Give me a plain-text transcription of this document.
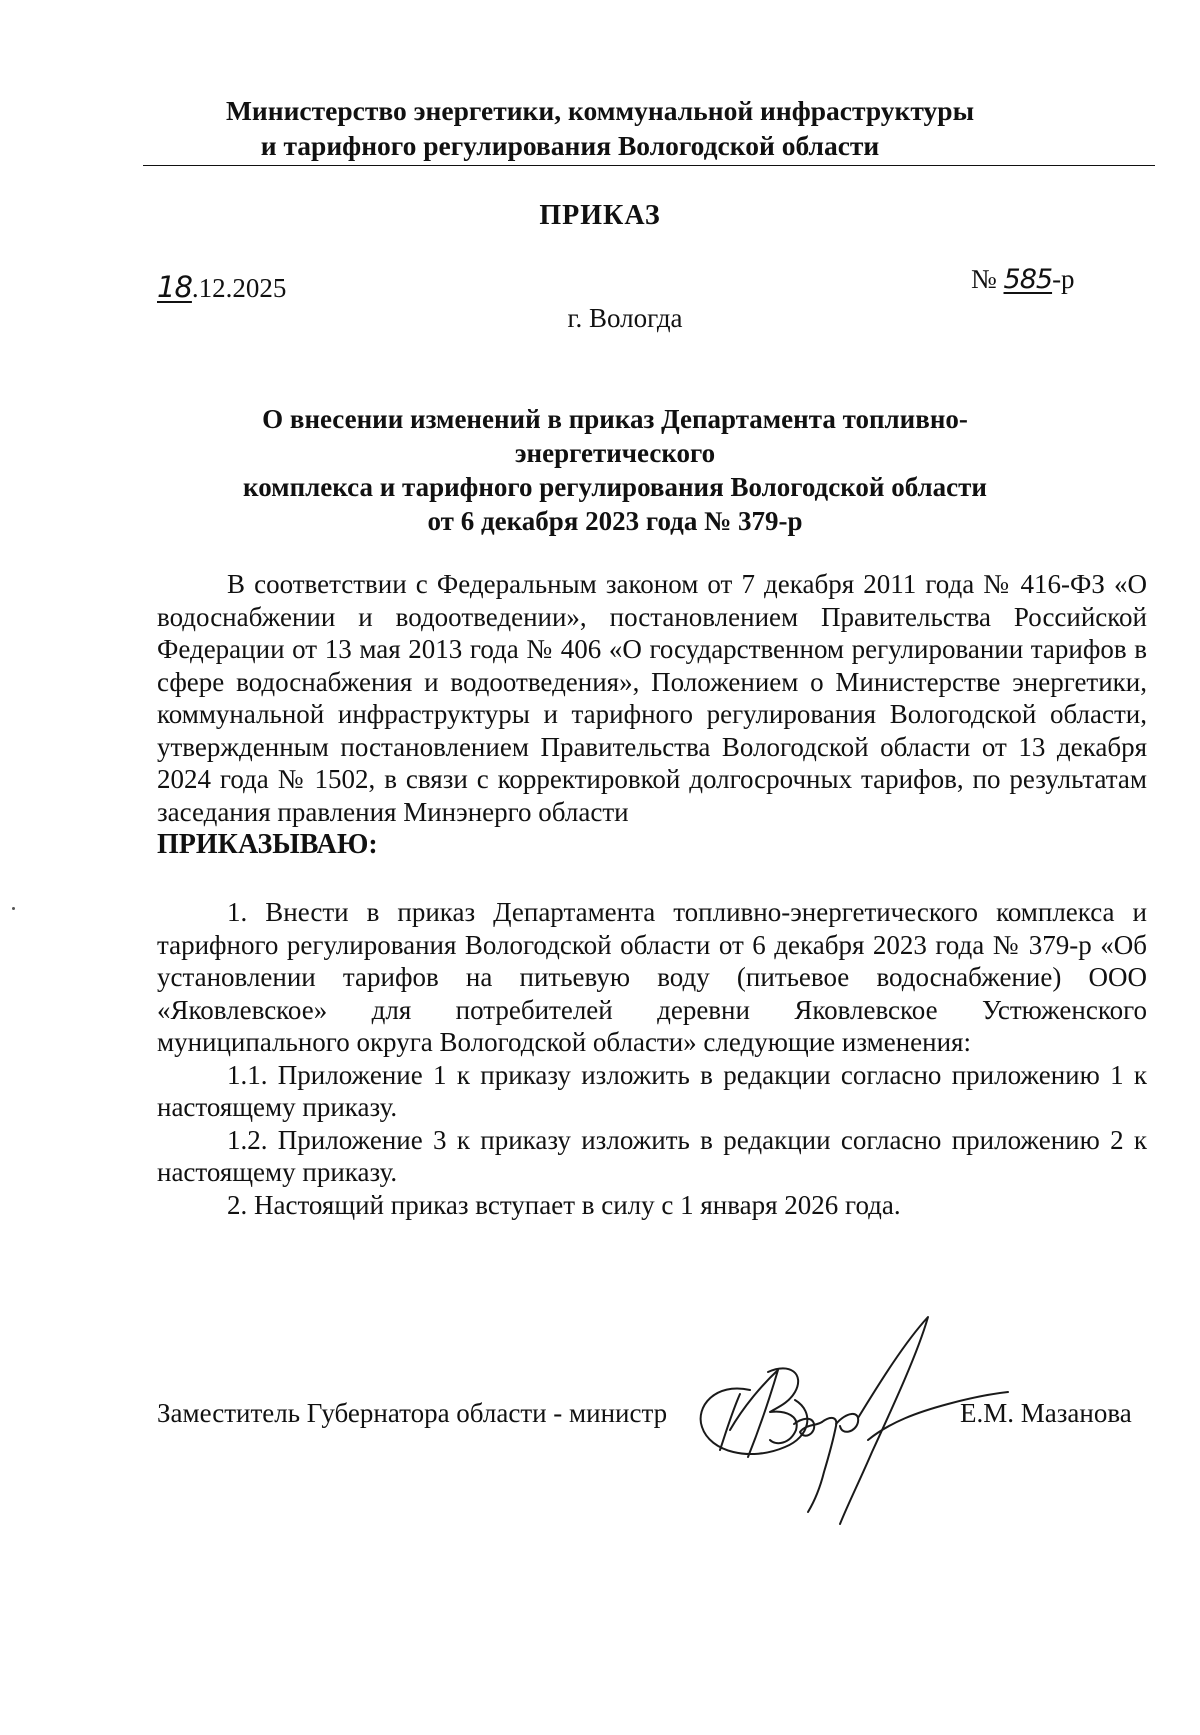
Министерство энергетики, коммунальной инфраструктуры
и тарифного регулирования Вологодской области
ПРИКАЗ
18.12.2025	№ 585-р
г. Вологда
О внесении изменений в приказ Департамента топливно-энергетического
комплекса и тарифного регулирования Вологодской области
от 6 декабря 2023 года № 379-р

В соответствии с Федеральным законом от 7 декабря 2011 года № 416-ФЗ «О водоснабжении и водоотведении», постановлением Правительства Российской Федерации от 13 мая 2013 года № 406 «О государственном регулировании тарифов в сфере водоснабжения и водоотведения», Положением о Министерстве энергетики, коммунальной инфраструктуры и тарифного регулирования Вологодской области, утвержденным постановлением Правительства Вологодской области от 13 декабря 2024 года № 1502, в связи с корректировкой долгосрочных тарифов, по результатам заседания правления Минэнерго области

ПРИКАЗЫВАЮ:

1. Внести в приказ Департамента топливно-энергетического комплекса и тарифного регулирования Вологодской области от 6 декабря 2023 года № 379-р «Об установлении тарифов на питьевую воду (питьевое водоснабжение) ООО «Яковлевское» для потребителей деревни Яковлевское Устюженского муниципального округа Вологодской области» следующие изменения:

1.1. Приложение 1 к приказу изложить в редакции согласно приложению 1 к настоящему приказу.

1.2. Приложение 3 к приказу изложить в редакции согласно приложению 2 к настоящему приказу.

2. Настоящий приказ вступает в силу с 1 января 2026 года.

Заместитель Губернатора области - министр	Е.М. Мазанова
